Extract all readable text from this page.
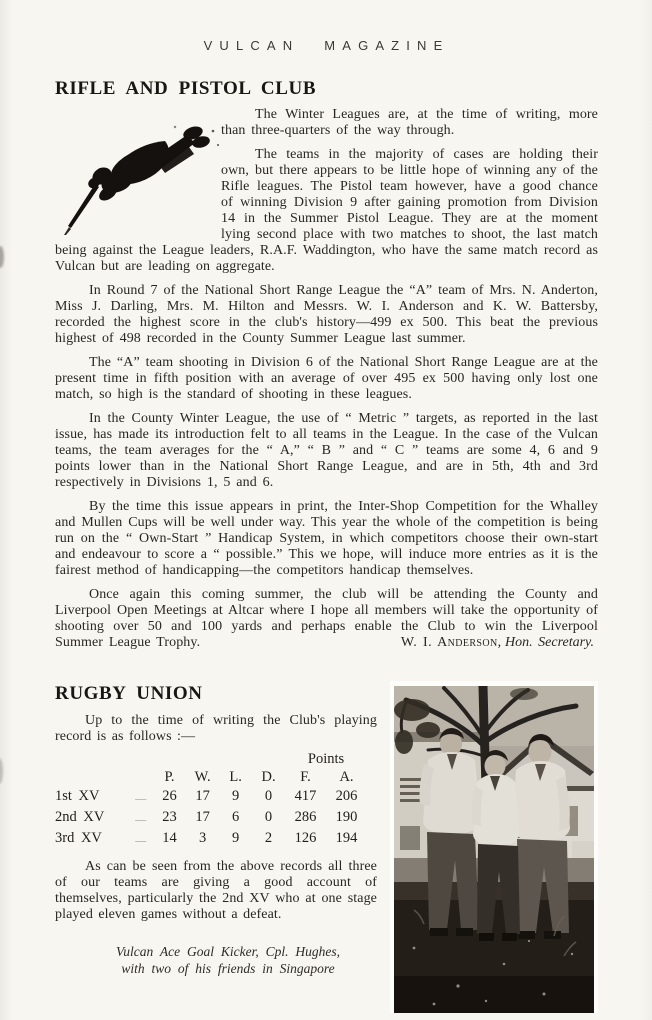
VULCAN MAGAZINE
RIFLE AND PISTOL CLUB

The Winter Leagues are, at the time of writing, more than three-quarters of the way through.

The teams in the majority of cases are holding their own, but there appears to be little hope of winning any of the Rifle leagues. The Pistol team however, have a good chance of winning Division 9 after gaining promotion from Division 14 in the Summer Pistol League. They are at the moment lying second place with two matches to shoot, the last match being against the League leaders, R.A.F. Waddington, who have the same match record as Vulcan but are leading on aggregate.

In Round 7 of the National Short Range League the “A” team of Mrs. N. Anderton, Miss J. Darling, Mrs. M. Hilton and Messrs. W. I. Anderson and K. W. Battersby, recorded the highest score in the club's history—499 ex 500. This beat the previous highest of 498 recorded in the County Summer League last summer.

The “A” team shooting in Division 6 of the National Short Range League are at the present time in fifth position with an average of over 495 ex 500 having only lost one match, so high is the standard of shooting in these leagues.

In the County Winter League, the use of “ Metric ” targets, as reported in the last issue, has made its introduction felt to all teams in the League. In the case of the Vulcan teams, the team averages for the “ A,” “ B ” and “ C ” teams are some 4, 6 and 9 points lower than in the National Short Range League, and are in 5th, 4th and 3rd respectively in Divisions 1, 5 and 6.

By the time this issue appears in print, the Inter-Shop Competition for the Whalley and Mullen Cups will be well under way. This year the whole of the competition is being run on the “ Own-Start ” Handicap System, in which competitors choose their own-start and endeavour to score a “ possible.” This we hope, will induce more entries as it is the fairest method of handicapping—the competitors handicap themselves.

Once again this coming summer, the club will be attending the County and Liverpool Open Meetings at Altcar where I hope all members will take the opportunity of shooting over 50 and 100 yards and perhaps enable the Club to win the Liverpool Summer League Trophy.	W. I. Anderson, Hon. Secretary.
RUGBY UNION

Up to the time of writing the Club's playing record is as follows :—

						Points	
		P.	W.	L.	D.	F.	A.
1st XV	—	26	17	9	0	417	206
2nd XV	—	23	17	6	0	286	190
3rd XV	—	14	3	9	2	126	194

As can be seen from the above records all three of our teams are giving a good account of themselves, particularly the 2nd XV who at one stage played eleven games without a defeat.

Vulcan Ace Goal Kicker, Cpl. Hughes,
with two of his friends in Singapore
